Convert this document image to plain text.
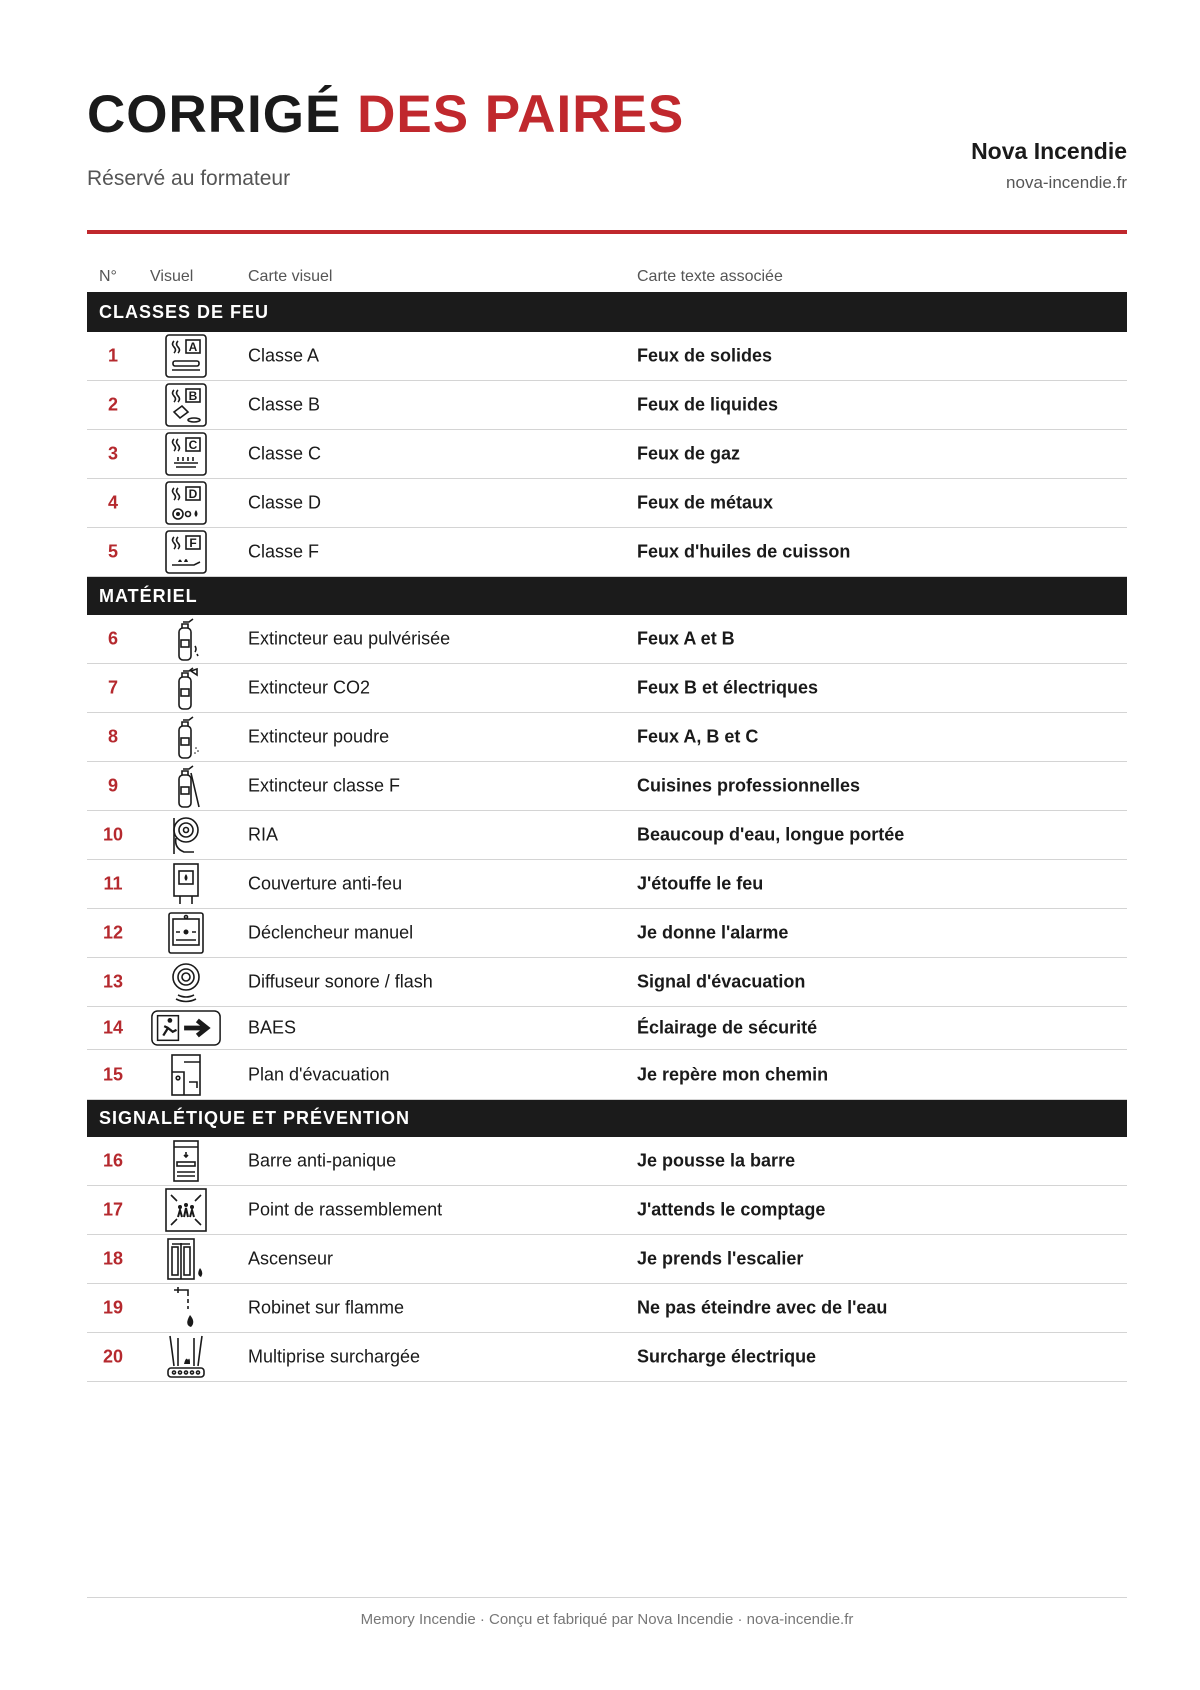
CORRIGÉ DES PAIRES
Réservé au formateur
Nova Incendie
nova-incendie.fr
N° Visuel	Carte visuel	Carte texte associée
CLASSES DE FEU
1	A	Classe A	Feux de solides
2	B	Classe B	Feux de liquides
3	C	Classe C	Feux de gaz
4	D	Classe D	Feux de métaux
5	F	Classe F	Feux d'huiles de cuisson
MATÉRIEL
6	Extincteur eau pulvérisée	Feux A et B
7	Extincteur CO2	Feux B et électriques
8	Extincteur poudre	Feux A, B et C
9	Extincteur classe F	Cuisines professionnelles
10	RIA	Beaucoup d'eau, longue portée
11	Couverture anti-feu	J'étouffe le feu
12	Déclencheur manuel	Je donne l'alarme
13	Diffuseur sonore / flash	Signal d'évacuation
14	BAES	Éclairage de sécurité
15	Plan d'évacuation	Je repère mon chemin
SIGNALÉTIQUE ET PRÉVENTION
16	Barre anti-panique	Je pousse la barre
17	Point de rassemblement	J'attends le comptage
18	Ascenseur	Je prends l'escalier
19	Robinet sur flamme	Ne pas éteindre avec de l'eau
20	Multiprise surchargée	Surcharge électrique
Memory Incendie · Conçu et fabriqué par Nova Incendie · nova-incendie.fr
